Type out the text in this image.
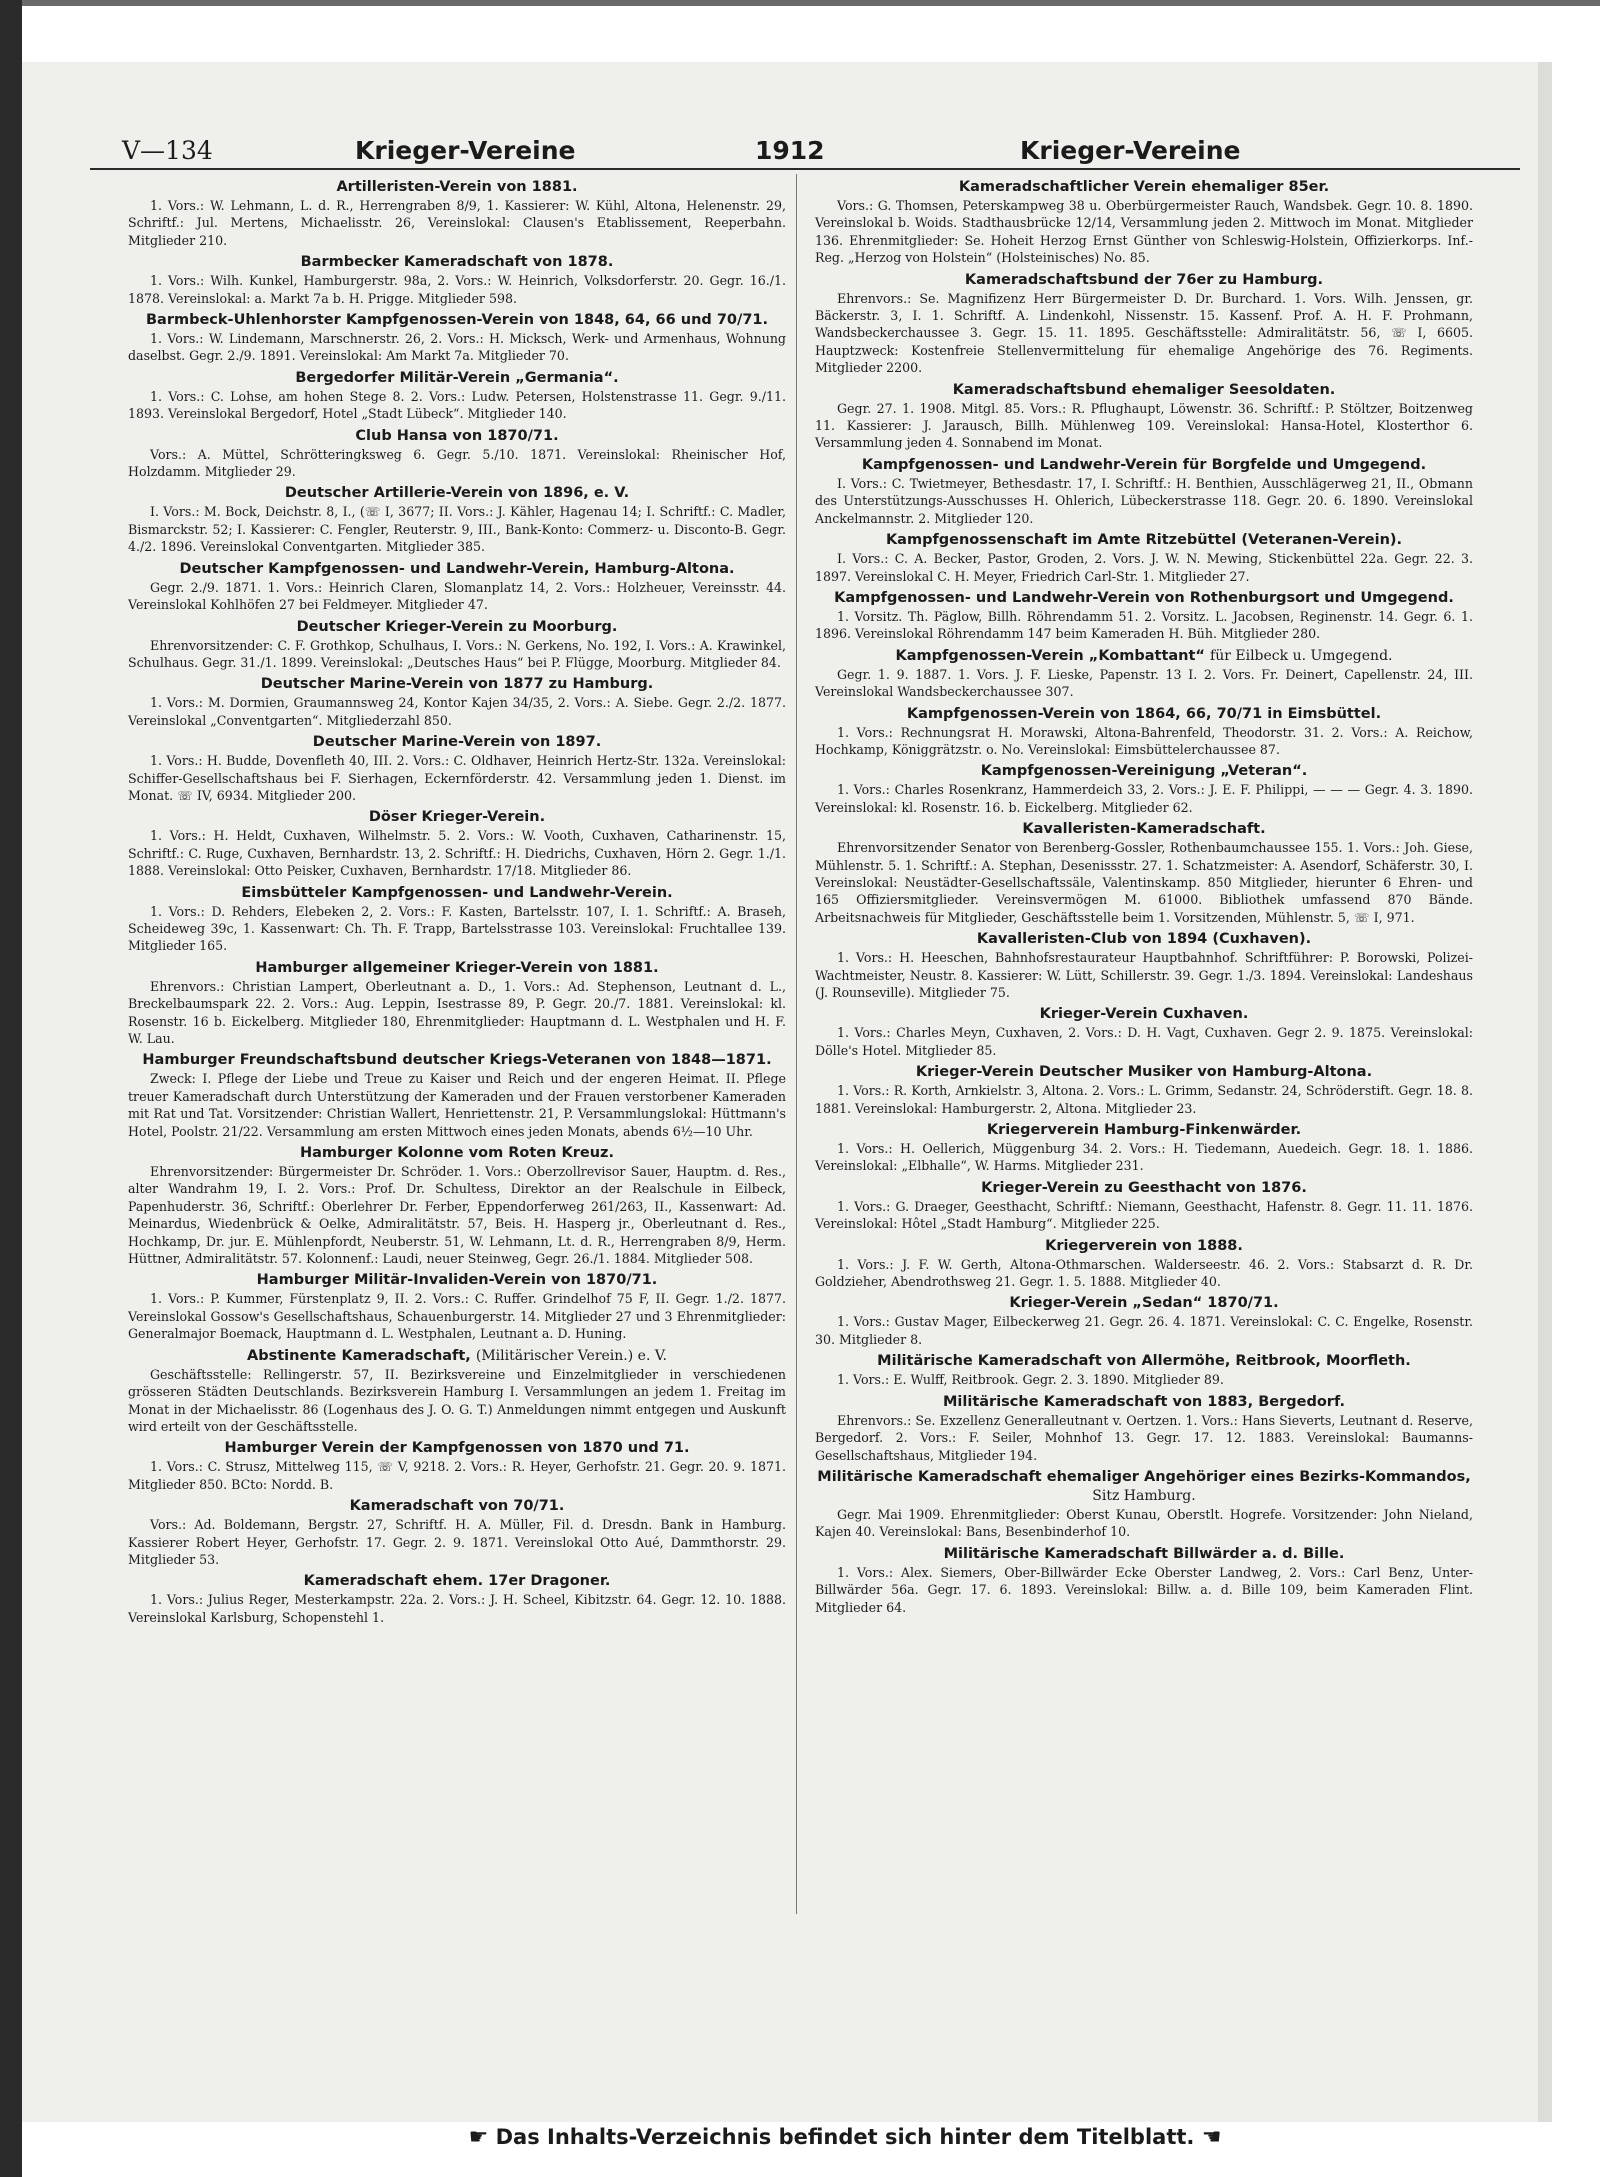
V—134	Krieger-Vereine	1912	Krieger-Vereine

Artilleristen-Verein von 1881.

1. Vors.: W. Lehmann, L. d. R., Herrengraben 8/9, 1. Kassierer: W. Kühl, Altona, Helenenstr. 29, Schriftf.: Jul. Mertens, Michaelisstr. 26, Vereinslokal: Clausen's Etablissement, Reeperbahn. Mitglieder 210.

Barmbecker Kameradschaft von 1878.

1. Vors.: Wilh. Kunkel, Hamburgerstr. 98a, 2. Vors.: W. Heinrich, Volksdorferstr. 20. Gegr. 16./1. 1878. Vereinslokal: a. Markt 7a b. H. Prigge. Mitglieder 598.

Barmbeck-Uhlenhorster Kampfgenossen-Verein von 1848, 64, 66 und 70/71.

1. Vors.: W. Lindemann, Marschnerstr. 26, 2. Vors.: H. Micksch, Werk- und Armenhaus, Wohnung daselbst. Gegr. 2./9. 1891. Vereinslokal: Am Markt 7a. Mitglieder 70.

Bergedorfer Militär-Verein „Germania“.

1. Vors.: C. Lohse, am hohen Stege 8. 2. Vors.: Ludw. Petersen, Holstenstrasse 11. Gegr. 9./11. 1893. Vereinslokal Bergedorf, Hotel „Stadt Lübeck“. Mitglieder 140.

Club Hansa von 1870/71.

Vors.: A. Müttel, Schrötteringksweg 6. Gegr. 5./10. 1871. Vereinslokal: Rheinischer Hof, Holzdamm. Mitglieder 29.

Deutscher Artillerie-Verein von 1896, e. V.

I. Vors.: M. Bock, Deichstr. 8, I., (☏ I, 3677; II. Vors.: J. Kähler, Hagenau 14; I. Schriftf.: C. Madler, Bismarckstr. 52; I. Kassierer: C. Fengler, Reuterstr. 9, III., Bank-Konto: Commerz- u. Disconto-B. Gegr. 4./2. 1896. Vereinslokal Conventgarten. Mitglieder 385.

Deutscher Kampfgenossen- und Landwehr-Verein, Hamburg-Altona.

Gegr. 2./9. 1871. 1. Vors.: Heinrich Claren, Slomanplatz 14, 2. Vors.: Holzheuer, Vereinsstr. 44. Vereinslokal Kohlhöfen 27 bei Feldmeyer. Mitglieder 47.

Deutscher Krieger-Verein zu Moorburg.

Ehrenvorsitzender: C. F. Grothkop, Schulhaus, I. Vors.: N. Gerkens, No. 192, I. Vors.: A. Krawinkel, Schulhaus. Gegr. 31./1. 1899. Vereinslokal: „Deutsches Haus“ bei P. Flügge, Moorburg. Mitglieder 84.

Deutscher Marine-Verein von 1877 zu Hamburg.

1. Vors.: M. Dormien, Graumannsweg 24, Kontor Kajen 34/35, 2. Vors.: A. Siebe. Gegr. 2./2. 1877. Vereinslokal „Conventgarten“. Mitgliederzahl 850.

Deutscher Marine-Verein von 1897.

1. Vors.: H. Budde, Dovenfleth 40, III. 2. Vors.: C. Oldhaver, Heinrich Hertz-Str. 132a. Vereinslokal: Schiffer-Gesellschaftshaus bei F. Sierhagen, Eckernförderstr. 42. Versammlung jeden 1. Dienst. im Monat. ☏ IV, 6934. Mitglieder 200.

Döser Krieger-Verein.

1. Vors.: H. Heldt, Cuxhaven, Wilhelmstr. 5. 2. Vors.: W. Vooth, Cuxhaven, Catharinenstr. 15, Schriftf.: C. Ruge, Cuxhaven, Bernhardstr. 13, 2. Schriftf.: H. Diedrichs, Cuxhaven, Hörn 2. Gegr. 1./1. 1888. Vereinslokal: Otto Peisker, Cuxhaven, Bernhardstr. 17/18. Mitglieder 86.

Eimsbütteler Kampfgenossen- und Landwehr-Verein.

1. Vors.: D. Rehders, Elebeken 2, 2. Vors.: F. Kasten, Bartelsstr. 107, I. 1. Schriftf.: A. Braseh, Scheideweg 39c, 1. Kassenwart: Ch. Th. F. Trapp, Bartelsstrasse 103. Vereinslokal: Fruchtallee 139. Mitglieder 165.

Hamburger allgemeiner Krieger-Verein von 1881.

Ehrenvors.: Christian Lampert, Oberleutnant a. D., 1. Vors.: Ad. Stephenson, Leutnant d. L., Breckelbaumspark 22. 2. Vors.: Aug. Leppin, Isestrasse 89, P. Gegr. 20./7. 1881. Vereinslokal: kl. Rosenstr. 16 b. Eickelberg. Mitglieder 180, Ehrenmitglieder: Hauptmann d. L. Westphalen und H. F. W. Lau.

Hamburger Freundschaftsbund deutscher Kriegs-Veteranen von 1848—1871.

Zweck: I. Pflege der Liebe und Treue zu Kaiser und Reich und der engeren Heimat. II. Pflege treuer Kameradschaft durch Unterstützung der Kameraden und der Frauen verstorbener Kameraden mit Rat und Tat. Vorsitzender: Christian Wallert, Henriettenstr. 21, P. Versammlungslokal: Hüttmann's Hotel, Poolstr. 21/22. Versammlung am ersten Mittwoch eines jeden Monats, abends 6½—10 Uhr.

Hamburger Kolonne vom Roten Kreuz.

Ehrenvorsitzender: Bürgermeister Dr. Schröder. 1. Vors.: Oberzollrevisor Sauer, Hauptm. d. Res., alter Wandrahm 19, I. 2. Vors.: Prof. Dr. Schultess, Direktor an der Realschule in Eilbeck, Papenhuderstr. 36, Schriftf.: Oberlehrer Dr. Ferber, Eppendorferweg 261/263, II., Kassenwart: Ad. Meinardus, Wiedenbrück & Oelke, Admiralitätstr. 57, Beis. H. Hasperg jr., Oberleutnant d. Res., Hochkamp, Dr. jur. E. Mühlenpfordt, Neuberstr. 51, W. Lehmann, Lt. d. R., Herrengraben 8/9, Herm. Hüttner, Admiralitätstr. 57. Kolonnenf.: Laudi, neuer Steinweg, Gegr. 26./1. 1884. Mitglieder 508.

Hamburger Militär-Invaliden-Verein von 1870/71.

1. Vors.: P. Kummer, Fürstenplatz 9, II. 2. Vors.: C. Ruffer. Grindelhof 75 F, II. Gegr. 1./2. 1877. Vereinslokal Gossow's Gesellschaftshaus, Schauenburgerstr. 14. Mitglieder 27 und 3 Ehrenmitglieder: Generalmajor Boemack, Hauptmann d. L. Westphalen, Leutnant a. D. Huning.

Abstinente Kameradschaft, (Militärischer Verein.) e. V.

Geschäftsstelle: Rellingerstr. 57, II. Bezirksvereine und Einzelmitglieder in verschiedenen grösseren Städten Deutschlands. Bezirksverein Hamburg I. Versammlungen an jedem 1. Freitag im Monat in der Michaelisstr. 86 (Logenhaus des J. O. G. T.) Anmeldungen nimmt entgegen und Auskunft wird erteilt von der Geschäftsstelle.

Hamburger Verein der Kampfgenossen von 1870 und 71.

1. Vors.: C. Strusz, Mittelweg 115, ☏ V, 9218. 2. Vors.: R. Heyer, Gerhofstr. 21. Gegr. 20. 9. 1871. Mitglieder 850. BCto: Nordd. B.

Kameradschaft von 70/71.

Vors.: Ad. Boldemann, Bergstr. 27, Schriftf. H. A. Müller, Fil. d. Dresdn. Bank in Hamburg. Kassierer Robert Heyer, Gerhofstr. 17. Gegr. 2. 9. 1871. Vereinslokal Otto Aué, Dammthorstr. 29. Mitglieder 53.

Kameradschaft ehem. 17er Dragoner.

1. Vors.: Julius Reger, Mesterkampstr. 22a. 2. Vors.: J. H. Scheel, Kibitzstr. 64. Gegr. 12. 10. 1888. Vereinslokal Karlsburg, Schopenstehl 1.

Kameradschaftlicher Verein ehemaliger 85er.

Vors.: G. Thomsen, Peterskampweg 38 u. Oberbürgermeister Rauch, Wandsbek. Gegr. 10. 8. 1890. Vereinslokal b. Woids. Stadthausbrücke 12/14, Versammlung jeden 2. Mittwoch im Monat. Mitglieder 136. Ehrenmitglieder: Se. Hoheit Herzog Ernst Günther von Schleswig-Holstein, Offizierkorps. Inf.-Reg. „Herzog von Holstein“ (Holsteinisches) No. 85.

Kameradschaftsbund der 76er zu Hamburg.

Ehrenvors.: Se. Magnifizenz Herr Bürgermeister D. Dr. Burchard. 1. Vors. Wilh. Jenssen, gr. Bäckerstr. 3, I. 1. Schriftf. A. Lindenkohl, Nissenstr. 15. Kassenf. Prof. A. H. F. Prohmann, Wandsbeckerchaussee 3. Gegr. 15. 11. 1895. Geschäftsstelle: Admiralitätstr. 56, ☏ I, 6605. Hauptzweck: Kostenfreie Stellenvermittelung für ehemalige Angehörige des 76. Regiments. Mitglieder 2200.

Kameradschaftsbund ehemaliger Seesoldaten.

Gegr. 27. 1. 1908. Mitgl. 85. Vors.: R. Pflughaupt, Löwenstr. 36. Schriftf.: P. Stöltzer, Boitzenweg 11. Kassierer: J. Jarausch, Billh. Mühlenweg 109. Vereinslokal: Hansa-Hotel, Klosterthor 6. Versammlung jeden 4. Sonnabend im Monat.

Kampfgenossen- und Landwehr-Verein für Borgfelde und Umgegend.

I. Vors.: C. Twietmeyer, Bethesdastr. 17, I. Schriftf.: H. Benthien, Ausschlägerweg 21, II., Obmann des Unterstützungs-Ausschusses H. Ohlerich, Lübeckerstrasse 118. Gegr. 20. 6. 1890. Vereinslokal Anckelmannstr. 2. Mitglieder 120.

Kampfgenossenschaft im Amte Ritzebüttel (Veteranen-Verein).

I. Vors.: C. A. Becker, Pastor, Groden, 2. Vors. J. W. N. Mewing, Stickenbüttel 22a. Gegr. 22. 3. 1897. Vereinslokal C. H. Meyer, Friedrich Carl-Str. 1. Mitglieder 27.

Kampfgenossen- und Landwehr-Verein von Rothenburgsort und Umgegend.

1. Vorsitz. Th. Päglow, Billh. Röhrendamm 51. 2. Vorsitz. L. Jacobsen, Reginenstr. 14. Gegr. 6. 1. 1896. Vereinslokal Röhrendamm 147 beim Kameraden H. Büh. Mitglieder 280.

Kampfgenossen-Verein „Kombattant“ für Eilbeck u. Umgegend.

Gegr. 1. 9. 1887. 1. Vors. J. F. Lieske, Papenstr. 13 I. 2. Vors. Fr. Deinert, Capellenstr. 24, III. Vereinslokal Wandsbeckerchaussee 307.

Kampfgenossen-Verein von 1864, 66, 70/71 in Eimsbüttel.

1. Vors.: Rechnungsrat H. Morawski, Altona-Bahrenfeld, Theodorstr. 31. 2. Vors.: A. Reichow, Hochkamp, Königgrätzstr. o. No. Vereinslokal: Eimsbüttelerchaussee 87.

Kampfgenossen-Vereinigung „Veteran“.

1. Vors.: Charles Rosenkranz, Hammerdeich 33, 2. Vors.: J. E. F. Philippi, — — — Gegr. 4. 3. 1890. Vereinslokal: kl. Rosenstr. 16. b. Eickelberg. Mitglieder 62.

Kavalleristen-Kameradschaft.

Ehrenvorsitzender Senator von Berenberg-Gossler, Rothenbaumchaussee 155. 1. Vors.: Joh. Giese, Mühlenstr. 5. 1. Schriftf.: A. Stephan, Desenissstr. 27. 1. Schatzmeister: A. Asendorf, Schäferstr. 30, I. Vereinslokal: Neustädter-Gesellschaftssäle, Valentinskamp. 850 Mitglieder, hierunter 6 Ehren- und 165 Offiziersmitglieder. Vereinsvermögen M. 61000. Bibliothek umfassend 870 Bände. Arbeitsnachweis für Mitglieder, Geschäftsstelle beim 1. Vorsitzenden, Mühlenstr. 5, ☏ I, 971.

Kavalleristen-Club von 1894 (Cuxhaven).

1. Vors.: H. Heeschen, Bahnhofsrestaurateur Hauptbahnhof. Schriftführer: P. Borowski, Polizei-Wachtmeister, Neustr. 8. Kassierer: W. Lütt, Schillerstr. 39. Gegr. 1./3. 1894. Vereinslokal: Landeshaus (J. Rounseville). Mitglieder 75.

Krieger-Verein Cuxhaven.

1. Vors.: Charles Meyn, Cuxhaven, 2. Vors.: D. H. Vagt, Cuxhaven. Gegr 2. 9. 1875. Vereinslokal: Dölle's Hotel. Mitglieder 85.

Krieger-Verein Deutscher Musiker von Hamburg-Altona.

1. Vors.: R. Korth, Arnkielstr. 3, Altona. 2. Vors.: L. Grimm, Sedanstr. 24, Schröderstift. Gegr. 18. 8. 1881. Vereinslokal: Hamburgerstr. 2, Altona. Mitglieder 23.

Kriegerverein Hamburg-Finkenwärder.

1. Vors.: H. Oellerich, Müggenburg 34. 2. Vors.: H. Tiedemann, Auedeich. Gegr. 18. 1. 1886. Vereinslokal: „Elbhalle“, W. Harms. Mitglieder 231.

Krieger-Verein zu Geesthacht von 1876.

1. Vors.: G. Draeger, Geesthacht, Schriftf.: Niemann, Geesthacht, Hafenstr. 8. Gegr. 11. 11. 1876. Vereinslokal: Hôtel „Stadt Hamburg“. Mitglieder 225.

Kriegerverein von 1888.

1. Vors.: J. F. W. Gerth, Altona-Othmarschen. Walderseestr. 46. 2. Vors.: Stabsarzt d. R. Dr. Goldzieher, Abendrothsweg 21. Gegr. 1. 5. 1888. Mitglieder 40.

Krieger-Verein „Sedan“ 1870/71.

1. Vors.: Gustav Mager, Eilbeckerweg 21. Gegr. 26. 4. 1871. Vereinslokal: C. C. Engelke, Rosenstr. 30. Mitglieder 8.

Militärische Kameradschaft von Allermöhe, Reitbrook, Moorfleth.

1. Vors.: E. Wulff, Reitbrook. Gegr. 2. 3. 1890. Mitglieder 89.

Militärische Kameradschaft von 1883, Bergedorf.

Ehrenvors.: Se. Exzellenz Generalleutnant v. Oertzen. 1. Vors.: Hans Sieverts, Leutnant d. Reserve, Bergedorf. 2. Vors.: F. Seiler, Mohnhof 13. Gegr. 17. 12. 1883. Vereinslokal: Baumanns-Gesellschaftshaus, Mitglieder 194.

Militärische Kameradschaft ehemaliger Angehöriger eines Bezirks-Kommandos, Sitz Hamburg.

Gegr. Mai 1909. Ehrenmitglieder: Oberst Kunau, Oberstlt. Hogrefe. Vorsitzender: John Nieland, Kajen 40. Vereinslokal: Bans, Besenbinderhof 10.

Militärische Kameradschaft Billwärder a. d. Bille.

1. Vors.: Alex. Siemers, Ober-Billwärder Ecke Oberster Landweg, 2. Vors.: Carl Benz, Unter-Billwärder 56a. Gegr. 17. 6. 1893. Vereinslokal: Billw. a. d. Bille 109, beim Kameraden Flint. Mitglieder 64.

☛ Das Inhalts-Verzeichnis befindet sich hinter dem Titelblatt. ☚
